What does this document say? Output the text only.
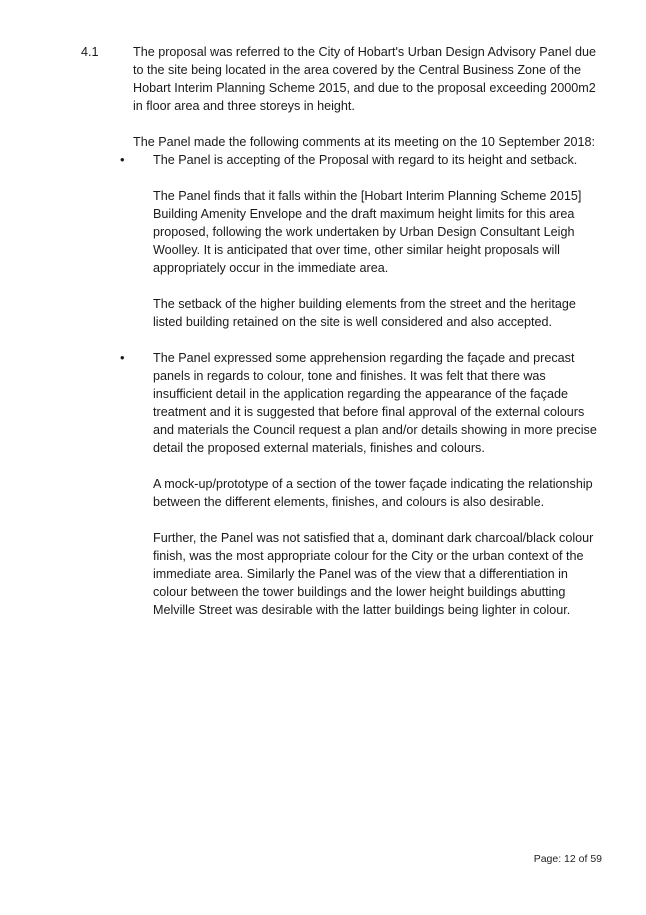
4.1	The proposal was referred to the City of Hobart's Urban Design Advisory Panel due to the site being located in the area covered by the Central Business Zone of the Hobart Interim Planning Scheme 2015, and due to the proposal exceeding 2000m2 in floor area and three storeys in height.

The Panel made the following comments at its meeting on the 10 September 2018:

• The Panel is accepting of the Proposal with regard to its height and setback.

The Panel finds that it falls within the [Hobart Interim Planning Scheme 2015] Building Amenity Envelope and the draft maximum height limits for this area proposed, following the work undertaken by Urban Design Consultant Leigh Woolley. It is anticipated that over time, other similar height proposals will appropriately occur in the immediate area.

The setback of the higher building elements from the street and the heritage listed building retained on the site is well considered and also accepted.

• The Panel expressed some apprehension regarding the façade and precast panels in regards to colour, tone and finishes. It was felt that there was insufficient detail in the application regarding the appearance of the façade treatment and it is suggested that before final approval of the external colours and materials the Council request a plan and/or details showing in more precise detail the proposed external materials, finishes and colours.

A mock-up/prototype of a section of the tower façade indicating the relationship between the different elements, finishes, and colours is also desirable.

Further, the Panel was not satisfied that a, dominant dark charcoal/black colour finish, was the most appropriate colour for the City or the urban context of the immediate area. Similarly the Panel was of the view that a differentiation in colour between the tower buildings and the lower height buildings abutting Melville Street was desirable with the latter buildings being lighter in colour.

Page: 12 of 59
